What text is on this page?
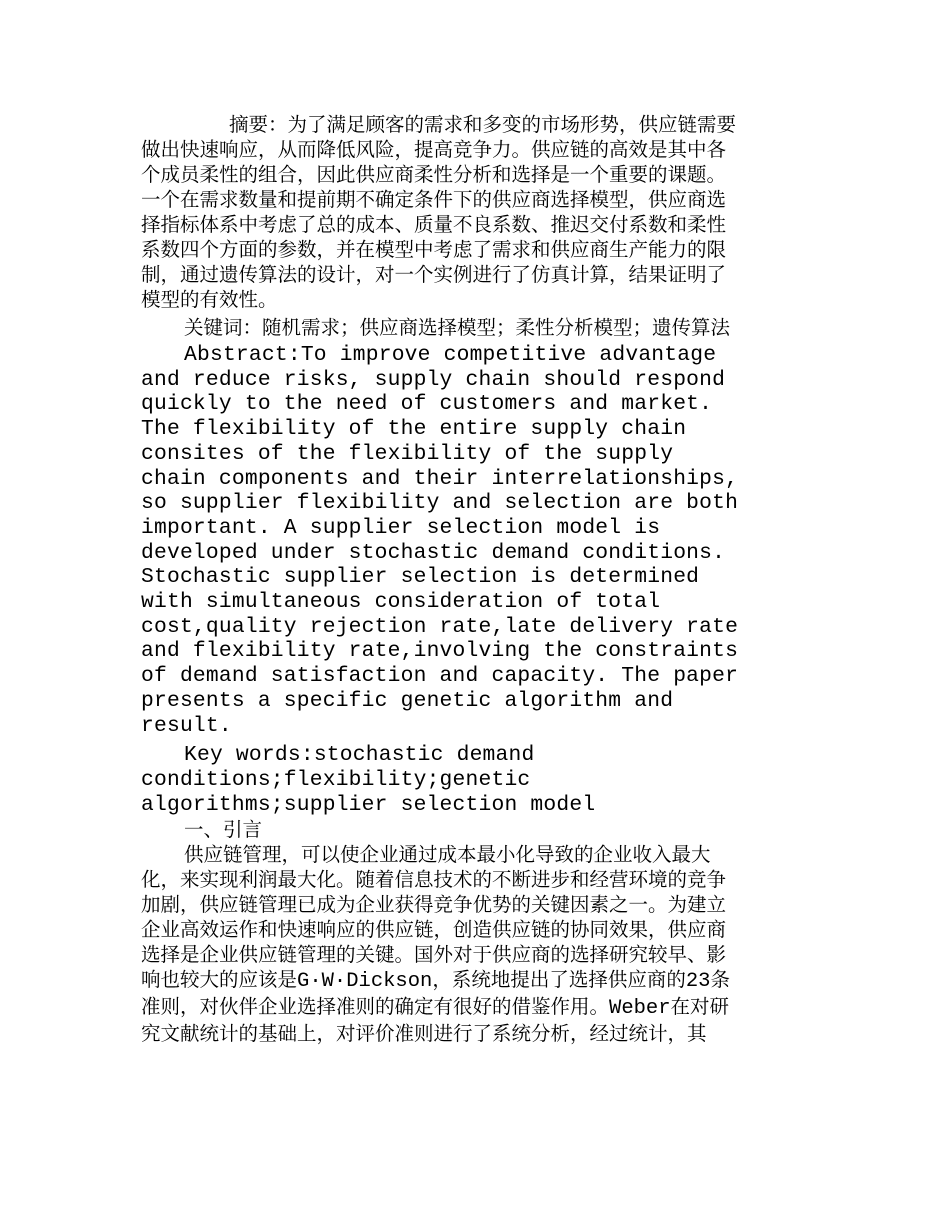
摘要：为了满足顾客的需求和多变的市场形势，供应链需要做出快速响应，从而降低风险，提高竞争力。供应链的高效是其中各个成员柔性的组合，因此供应商柔性分析和选择是一个重要的课题。一个在需求数量和提前期不确定条件下的供应商选择模型，供应商选择指标体系中考虑了总的成本、质量不良系数、推迟交付系数和柔性系数四个方面的参数，并在模型中考虑了需求和供应商生产能力的限制，通过遗传算法的设计，对一个实例进行了仿真计算，结果证明了模型的有效性。

关键词：随机需求；供应商选择模型；柔性分析模型；遗传算法

Abstract:To improve competitive advantage and reduce risks, supply chain should respond quickly to the need of customers and market. The flexibility of the entire supply chain consites of the flexibility of the supply chain components and their interrelationships, so supplier flexibility and selection are both important. A supplier selection model is developed under stochastic demand conditions. Stochastic supplier selection is determined with simultaneous consideration of total cost,quality rejection rate,late delivery rate and flexibility rate,involving the constraints of demand satisfaction and capacity. The paper presents a specific genetic algorithm and result.

Key words:stochastic demand conditions;flexibility;genetic algorithms;supplier selection model

一、引言

供应链管理，可以使企业通过成本最小化导致的企业收入最大化，来实现利润最大化。随着信息技术的不断进步和经营环境的竞争加剧，供应链管理已成为企业获得竞争优势的关键因素之一。为建立企业高效运作和快速响应的供应链，创造供应链的协同效果，供应商选择是企业供应链管理的关键。国外对于供应商的选择研究较早、影响也较大的应该是G·W·Dickson，系统地提出了选择供应商的23条准则，对伙伴企业选择准则的确定有很好的借鉴作用。Weber在对研究文献统计的基础上，对评价准则进行了系统分析，经过统计，其
